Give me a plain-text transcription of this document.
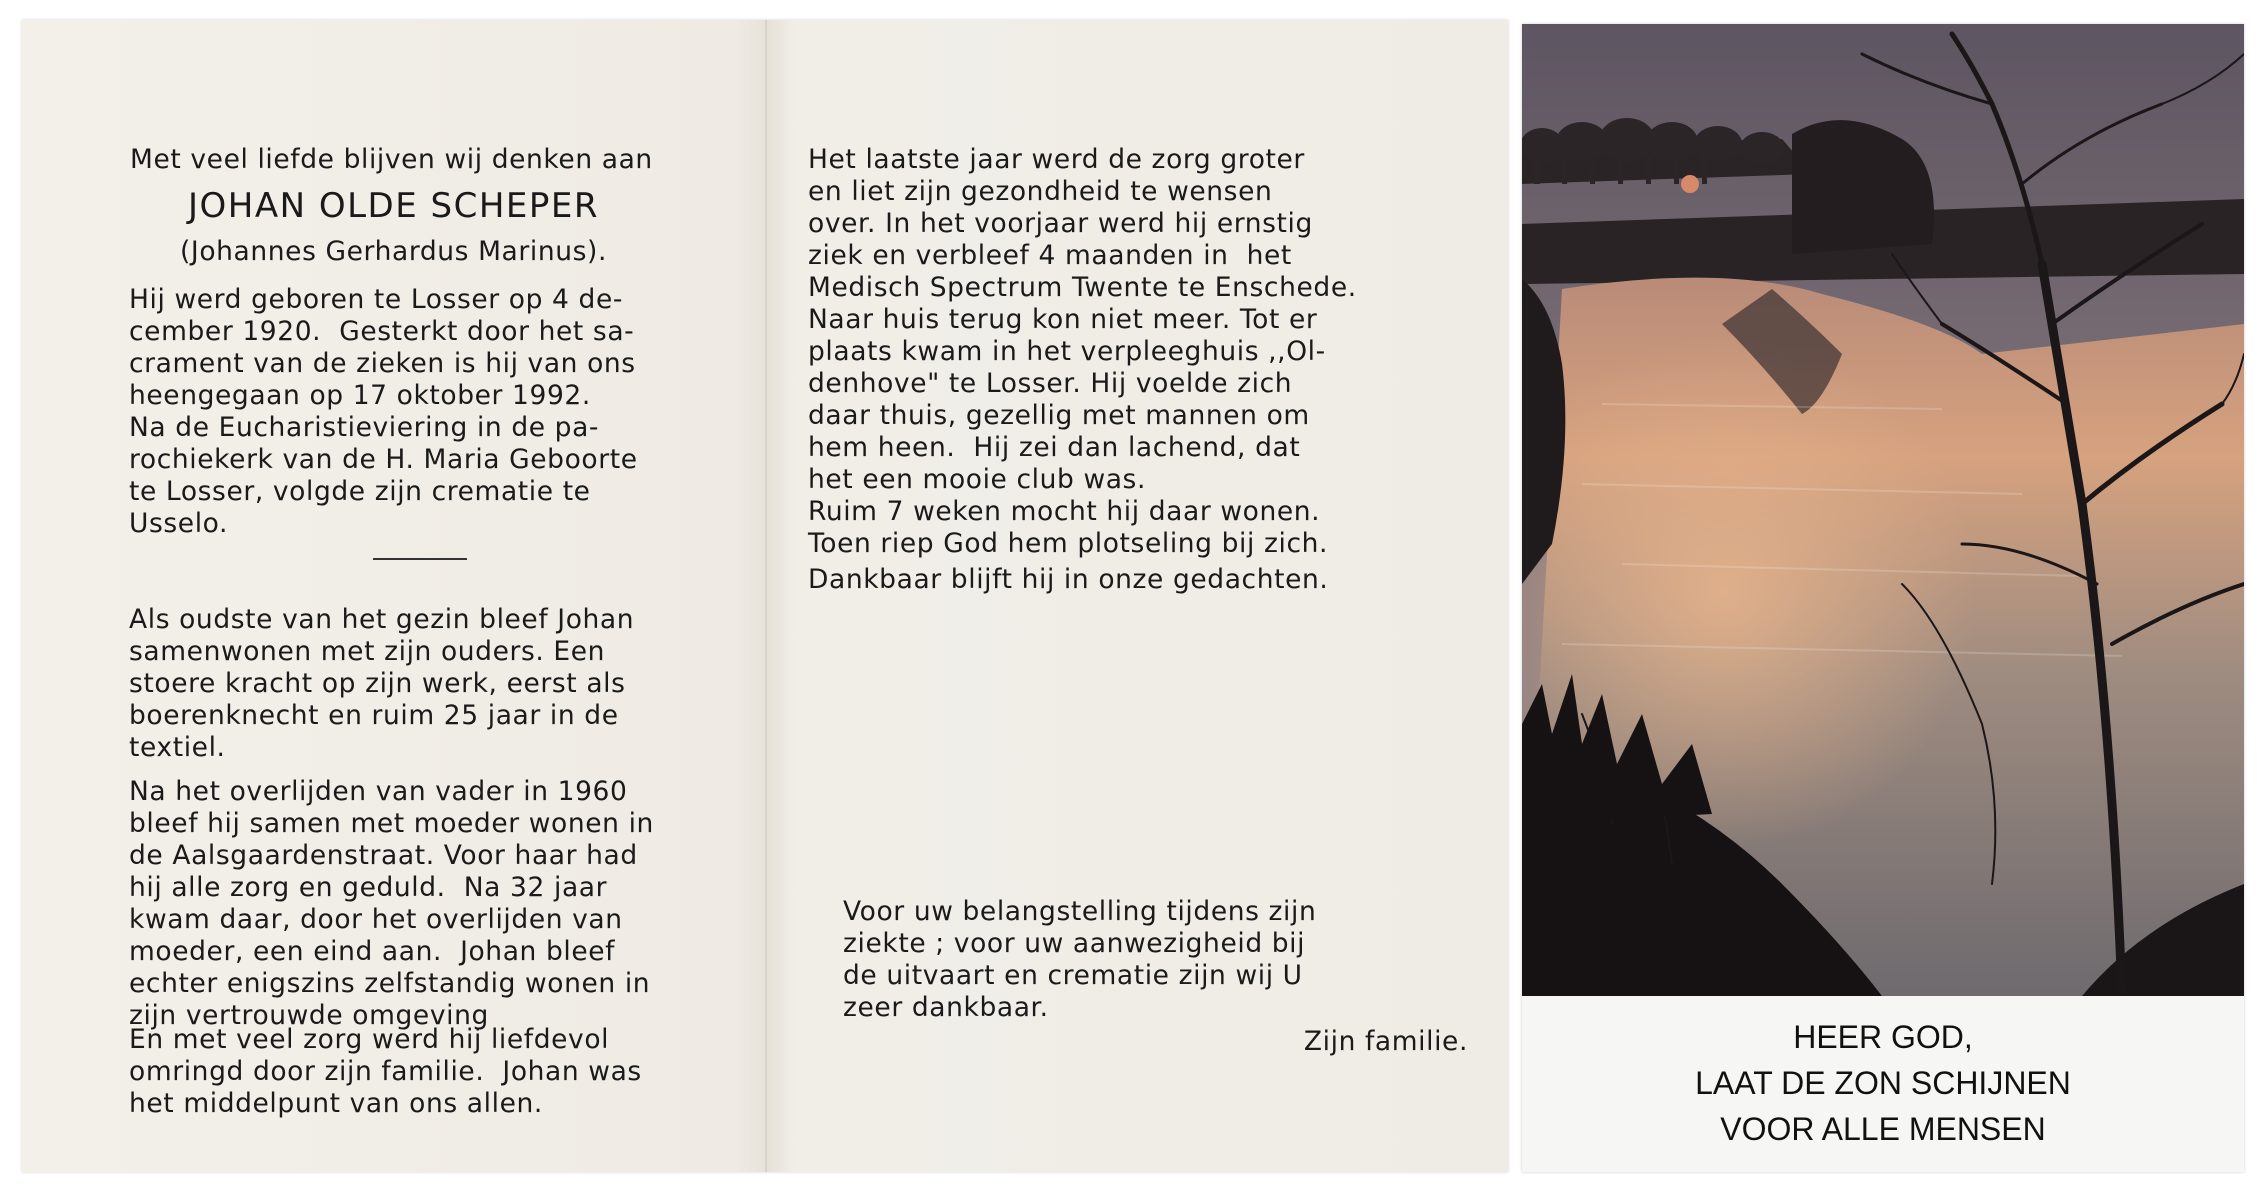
Met veel liefde blijven wij denken aan

JOHAN OLDE SCHEPER
(Johannes Gerhardus Marinus).

Hij werd geboren te Losser op 4 de-
cember 1920.  Gesterkt door het sa-
crament van de zieken is hij van ons
heengegaan op 17 oktober 1992.
Na de Eucharistieviering in de pa-
rochiekerk van de H. Maria Geboorte
te Losser, volgde zijn crematie te
Usselo.

Als oudste van het gezin bleef Johan
samenwonen met zijn ouders. Een
stoere kracht op zijn werk, eerst als
boerenknecht en ruim 25 jaar in de
textiel.

Na het overlijden van vader in 1960
bleef hij samen met moeder wonen in
de Aalsgaardenstraat. Voor haar had
hij alle zorg en geduld.  Na 32 jaar
kwam daar, door het overlijden van
moeder, een eind aan.  Johan bleef
echter enigszins zelfstandig wonen in
zijn vertrouwde omgeving

En met veel zorg werd hij liefdevol
omringd door zijn familie.  Johan was
het middelpunt van ons allen.

Het laatste jaar werd de zorg groter
en liet zijn gezondheid te wensen
over. In het voorjaar werd hij ernstig
ziek en verbleef 4 maanden in  het
Medisch Spectrum Twente te Enschede.
Naar huis terug kon niet meer. Tot er
plaats kwam in het verpleeghuis ,,Ol-
denhove" te Losser. Hij voelde zich
daar thuis, gezellig met mannen om
hem heen.  Hij zei dan lachend, dat
het een mooie club was.

Ruim 7 weken mocht hij daar wonen.
Toen riep God hem plotseling bij zich.

Dankbaar blijft hij in onze gedachten.

Voor uw belangstelling tijdens zijn
ziekte ; voor uw aanwezigheid bij
de uitvaart en crematie zijn wij U
zeer dankbaar.

Zijn familie.	HEER GOD,
LAAT DE ZON SCHIJNEN
VOOR ALLE MENSEN
